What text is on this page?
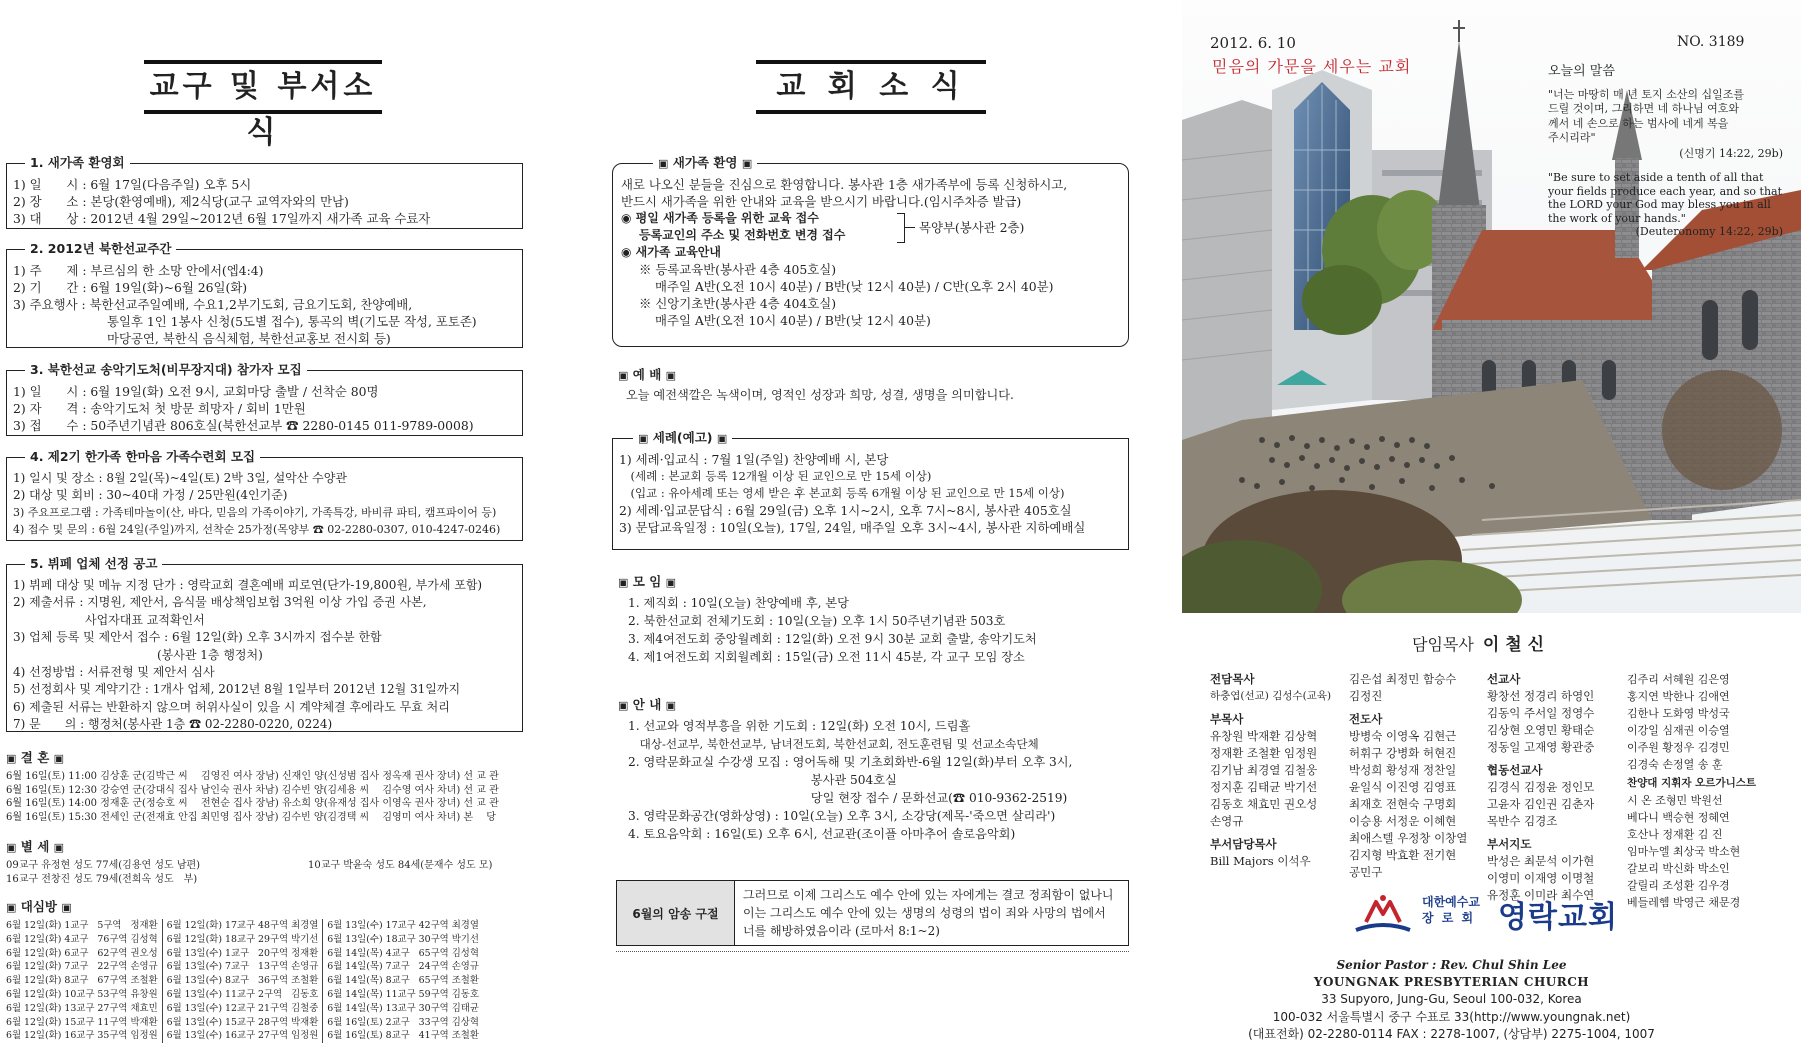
교구 및 부서소식
1. 새가족 환영회
1) 일　　시 : 6월 17일(다음주일) 오후 5시
2) 장　　소 : 본당(환영예배), 제2식당(교구 교역자와의 만남)
3) 대　　상 : 2012년 4월 29일~2012년 6월 17일까지 새가족 교육 수료자
2. 2012년 북한선교주간
1) 주　　제 : 부르심의 한 소망 안에서(엡4:4)
2) 기　　간 : 6월 19일(화)~6월 26일(화)
3) 주요행사 : 북한선교주일예배, 수요1,2부기도회, 금요기도회, 찬양예배,
통일후 1인 1봉사 신청(5도별 접수), 통곡의 벽(기도문 작성, 포토존)
마당공연, 북한식 음식체험, 북한선교홍보 전시회 등)
3. 북한선교 송악기도처(비무장지대) 참가자 모집
1) 일　　시 : 6월 19일(화) 오전 9시, 교회마당 출발 / 선착순 80명
2) 자　　격 : 송악기도처 첫 방문 희망자 / 회비 1만원
3) 접　　수 : 50주년기념관 806호실(북한선교부 ☎ 2280-0145 011-9789-0008)
4. 제2기 한가족 한마음 가족수련회 모집
1) 일시 및 장소 : 8월 2일(목)~4일(토) 2박 3일, 설악산 수양관
2) 대상 및 회비 : 30~40대 가정 / 25만원(4인기준)
3) 주요프로그램 : 가족테마놀이(산, 바다, 믿음의 가족이야기, 가족특강, 바비큐 파티, 캠프파이어 등)
4) 접수 및 문의 : 6월 24일(주일)까지, 선착순 25가정(목양부 ☎ 02-2280-0307, 010-4247-0246)
5. 뷔페 업체 선정 공고
1) 뷔페 대상 및 메뉴 지정 단가 : 영락교회 결혼예배 피로연(단가-19,800원, 부가세 포함)
2) 제출서류 : 지명원, 제안서, 음식물 배상책임보험 3억원 이상 가입 증권 사본,
　　　　　　사업자대표 교적확인서
3) 업체 등록 및 제안서 접수 : 6월 12일(화) 오후 3시까지 접수분 한함
　　　　　　　　　　　　(봉사관 1층 행정처)
4) 선정방법 : 서류전형 및 제안서 심사
5) 선정회사 및 계약기간 : 1개사 업체, 2012년 8월 1일부터 2012년 12월 31일까지
6) 제출된 서류는 반환하지 않으며 허위사실이 있을 시 계약체결 후에라도 무효 처리
7) 문　　의 : 행정처(봉사관 1층 ☎ 02-2280-0220, 0224)
▣ 결 혼 ▣
6월 16일(토) 11:00 김상훈 군(김박근 씨　 김영진 여사 장남) 신재인 양(신성범 집사 정옥재 권사 장녀) 선 교 관
6월 16일(토) 12:30 강승연 군(강대식 집사 남인숙 권사 차남) 김수빈 양(김세용 씨　 김수영 여사 차녀) 선 교 관
6월 16일(토) 14:00 정재훈 군(정승호 씨　 전현순 집사 장남) 유소희 양(유재성 집사 이영옥 권사 장녀) 선 교 관
6월 16일(토) 15:30 전세인 군(전재효 안집 최민영 집사 장남) 김수빈 양(김경택 씨　 김영미 여사 차녀) 본　 당
▣ 별 세 ▣
09교구 유정현 성도 77세(김용연 성도 남편)	10교구 박윤숙 성도 84세(문재수 성도 모)
16교구 전창진 성도 79세(전희옥 성도　부)
▣ 대심방 ▣
6월 12일(화)	1교구	5구역	정재환	6월 12일(화)	17교구	48구역	최경열	6월 13일(수)	17교구	42구역	최경열
6월 12일(화)	4교구	76구역	김성혁	6월 12일(화)	18교구	29구역	박기선	6월 13일(수)	18교구	30구역	박기선
6월 12일(화)	6교구	62구역	권오성	6월 13일(수)	1교구	20구역	정재환	6월 14일(목)	4교구	65구역	김성혁
6월 12일(화)	7교구	22구역	손영규	6월 13일(수)	7교구	13구역	손영규	6월 14일(목)	7교구	24구역	손영규
6월 12일(화)	8교구	67구역	조철환	6월 13일(수)	8교구	36구역	조철환	6월 14일(목)	8교구	65구역	조철환
6월 12일(화)	10교구	53구역	유창원	6월 13일(수)	11교구	2구역	김동호	6월 14일(목)	11교구	59구역	김동호
6월 12일(화)	13교구	27구역	채효민	6월 13일(수)	12교구	21구역	김철중	6월 14일(목)	13교구	30구역	김태균
6월 12일(화)	15교구	11구역	박재환	6월 13일(수)	15교구	28구역	박재환	6월 16일(토)	2교구	33구역	김상혁
6월 12일(화)	16교구	35구역	임정원	6월 13일(수)	16교구	27구역	임정원	6월 16일(토)	8교구	41구역	조철환
교 회 소 식
▣ 새가족 환영 ▣
새로 나오신 분들을 진심으로 환영합니다. 봉사관 1층 새가족부에 등록 신청하시고,
반드시 새가족을 위한 안내와 교육을 받으시기 바랍니다.(임시주차증 발급)
◉ 평일 새가족 등록을 위한 교육 접수
등록교인의 주소 및 전화번호 변경 접수	목양부(봉사관 2층)
◉ 새가족 교육안내
※ 등록교육반(봉사관 4층 405호실)
매주일 A반(오전 10시 40분) / B반(낮 12시 40분) / C반(오후 2시 40분)
※ 신앙기초반(봉사관 4층 404호실)
매주일 A반(오전 10시 40분) / B반(낮 12시 40분)
▣ 예 배 ▣
오늘 예전색깔은 녹색이며, 영적인 성장과 희망, 성결, 생명을 의미합니다.
▣ 세례(예고) ▣
1) 세례·입교식 : 7월 1일(주일) 찬양예배 시, 본당
　(세례 : 본교회 등록 12개월 이상 된 교인으로 만 15세 이상)
　(입교 : 유아세례 또는 영세 받은 후 본교회 등록 6개월 이상 된 교인으로 만 15세 이상)
2) 세례·입교문답식 : 6월 29일(금) 오후 1시~2시, 오후 7시~8시, 봉사관 405호실
3) 문답교육일정 : 10일(오늘), 17일, 24일, 매주일 오후 3시~4시, 봉사관 지하예배실
▣ 모 임 ▣
1. 제직회 : 10일(오늘) 찬양예배 후, 본당
2. 북한선교회 전체기도회 : 10일(오늘) 오후 1시 50주년기념관 503호
3. 제4여전도회 중앙월례회 : 12일(화) 오전 9시 30분 교회 출발, 송악기도처
4. 제1여전도회 지회월례회 : 15일(금) 오전 11시 45분, 각 교구 모임 장소
▣ 안 내 ▣
1. 선교와 영적부흥을 위한 기도회 : 12일(화) 오전 10시, 드림홀
　대상-선교부, 북한선교부, 남녀전도회, 북한선교회, 전도훈련팀 및 선교소속단체
2. 영락문화교실 수강생 모집 : 영어독해 및 기초회화반-6월 12일(화)부터 오후 3시,
　　　　　　　　　　　　　　　봉사관 504호실
　　　　　　　　　　　　　　　당일 현장 접수 / 문화선교(☎ 010-9362-2519)
3. 영락문화공간(영화상영) : 10일(오늘) 오후 3시, 소강당(제목-'죽으면 살리라')
4. 토요음악회 : 16일(토) 오후 6시, 선교관(조이플 아마추어 솔로음악회)
6월의 암송 구절
그러므로 이제 그리스도 예수 안에 있는 자에게는 결코 정죄함이 없나니
이는 그리스도 예수 안에 있는 생명의 성령의 법이 죄와 사망의 법에서
너를 해방하였음이라 (로마서 8:1~2)
2012. 6. 10
믿음의 가문을 세우는 교회
NO. 3189
오늘의 말씀
"너는 마땅히 매 년 토지 소산의 십일조를
드릴 것이며, 그리하면 네 하나님 여호와
께서 네 손으로 하는 범사에 네게 복을
주시리라"
(신명기 14:22, 29b)
"Be sure to set aside a tenth of all that
your fields produce each year, and so that
the LORD your God may bless you in all
the work of your hands."
(Deuteronomy 14:22, 29b)
담임목사 이 철 신
전담목사
하충엽(선교) 김성수(교육)
부목사
유창원 박재환 김상혁
정재환 조철환 임정원
김기남 최경열 김철웅
정지훈 김태균 박기선
김동호 채효민 권오성
손영규
부서담당목사
Bill Majors 이석우
김은섭 최정민 함승수
김정진
전도사
방병숙 이영옥 김현근
허휘구 강병화 허현진
박성희 황성재 정찬일
윤일식 이진영 김영표
최재호 전현숙 구명회
이승용 서정운 이혜현
최애스텔 우정창 이창열
김지형 박효환 전기현
공민구
선교사
황창선 정경리 하영인
김동익 주서일 정영수
김상현 오영민 황태순
정동일 고재영 황관중
협동선교사
김경식 김정윤 정인모
고윤자 김인권 김춘자
목반수 김경조
부서지도
박성은 최문석 이가현
이영미 이재영 이명철
유정훈 이미라 최수연
김주리 서혜원 김은영
홍지연 박한나 김애연
김한나 도화영 박성국
이강일 심재권 이승열
이주원 황정우 김경민
김경숙 손정열 송 훈
찬양대 지휘자 오르가니스트
시 온 조형민 박원선
베다니 백승현 정혜연
호산나 정재환 김 진
임마누엘 최상국 박소현
갈보리 박신화 박소인
갈릴리 조성환 김우경
베들레헴 박영근 채문경
대한예수교
장 로 회 영락교회
Senior Pastor : Rev. Chul Shin Lee
YOUNGNAK PRESBYTERIAN CHURCH
33 Supyoro, Jung-Gu, Seoul 100-032, Korea
100-032 서울특별시 중구 수표로 33(http://www.youngnak.net)
(대표전화) 02-2280-0114 FAX : 2278-1007, (상담부) 2275-1004, 1007
